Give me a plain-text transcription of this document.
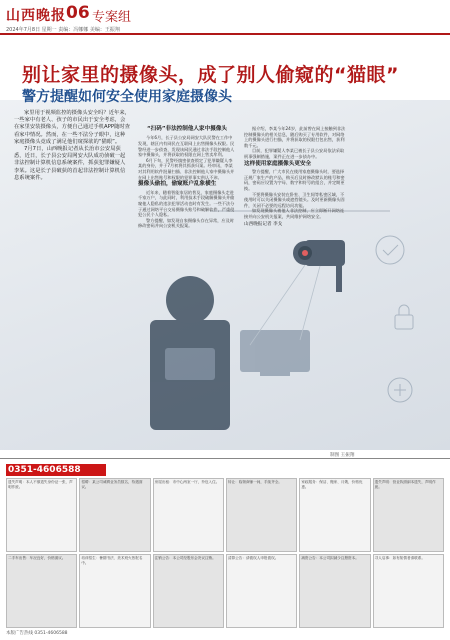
山西晚报 06 专案组
2024年7月8日 星期一 责编：冯娜娜 美编：王振翔
别让家里的摄像头，成了别人偷窥的“猫眼”
警方提醒如何安全使用家庭摄像头

家里用于视频监控的摄像头安全吗？近年来，一些家中有老人、孩子的市民出于安全考虑，会在家里安装摄像头，方便自己通过手机APP随时查看家中情况。然而，在一些不法分子眼中，这种家庭摄像头竟成了满足他们窥探欲的“猫眼”。

7月7日，山西晚报记者从长治市公安局获悉，近日，长子县公安局网安大队成功侦破一起非法控制计算机信息系统案件，抓获犯罪嫌疑人李某。这是长子县破获的首起非法控制计算机信息系统案件。

“扫码”非法控制他人家中摄像头

今年6月，长子县公安局网安大队民警在工作中发现，辖区内有网民在互联网上出售摄像头权限。民警经进一步侦查，发现该网民通过非法手段控制他人家中摄像头，并将获取的权限在网上售卖牟利。

6月下旬，民警经缜密侦查锁定了犯罪嫌疑人李某的身份，并于7月初将其抓获归案。经审讯，李某对其利用软件批量扫描、非法控制他人家中摄像头并在网上出售账号和权限的犯罪事实供认不讳。

摄像头偷拍，偷窥账户乱象横生

近年来，随着智能家居的普及，家庭摄像头走进千家万户，与此同时，利用技术手段破解摄像头并偷窥他人隐私的违法犯罪活动也时有发生。一些不法分子通过网络平台交易摄像头账号和破解软件，严重侵犯公民个人隐私。

警方提醒，如发现自家摄像头存在异常，应及时修改密码并向公安机关报案。

据介绍，李某今年24岁，此前曾在网上接触到非法控制摄像头的相关信息，随后购买了专用软件，对网络上的摄像头进行扫描，并将获取的权限打包出售，获利数千元。

目前，犯罪嫌疑人李某已被长子县公安局依法采取刑事强制措施，案件正在进一步侦办中。

这样使用家庭摄像头更安全

警方提醒，广大市民在使用家庭摄像头时，要选择正规厂家生产的产品，购买后及时修改默认的账号和密码，密码应设置为字母、数字和符号的组合，并定期更换。

不要将摄像头安装在卧室、卫生间等私密区域，不使用时可以关闭摄像头或遮挡镜头。及时更新摄像头固件，关闭不必要的远程访问功能。

如发现摄像头被他人非法控制，应立即断开网络连接并向公安机关报案，共同维护网络安全。

山西晚报记者 李戈
制图 王振翔
0351-4606588
遗失声明：本人不慎遗失身份证一张，声明作废。
招聘：某公司诚聘业务员数名，待遇面议。
房屋出租：市中心两室一厅，拎包入住。	转让：临街商铺一间，手续齐全。	家政服务：保洁、搬家、月嫂，价格优惠。
遗失声明：营业执照副本遗失，声明作废。
二手车出售：车况良好，价格面议。	培训招生：暑期书法、美术班火热报名中。
注销公告：本公司经股东会决议注销。	清算公告：请债权人申报债权。	减资公告：本公司拟减少注册资本。	寻人启事：如有知情者请联系。
本版广告热线 0351-4606588
